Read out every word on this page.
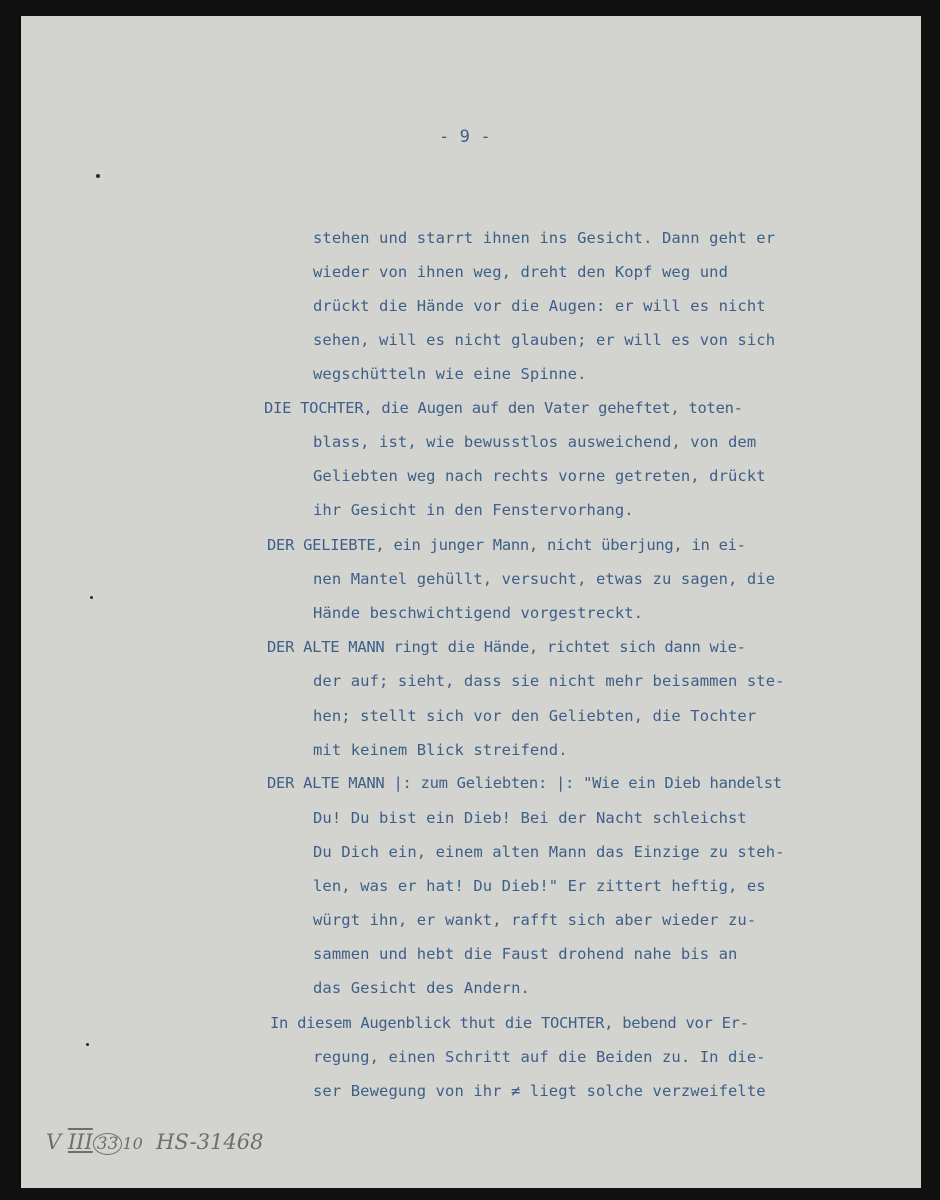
- 9 -
stehen und starrt ihnen ins Gesicht. Dann geht er
wieder von ihnen weg, dreht den Kopf weg und
drückt die Hände vor die Augen: er will es nicht
sehen, will es nicht glauben; er will es von sich
wegschütteln wie eine Spinne.
DIE TOCHTER, die Augen auf den Vater geheftet, toten-
blass, ist, wie bewusstlos ausweichend, von dem
Geliebten weg nach rechts vorne getreten, drückt
ihr Gesicht in den Fenstervorhang.
DER GELIEBTE, ein junger Mann, nicht überjung, in ei-
nen Mantel gehüllt, versucht, etwas zu sagen, die
Hände beschwichtigend vorgestreckt.
DER ALTE MANN ringt die Hände, richtet sich dann wie-
der auf; sieht, dass sie nicht mehr beisammen ste-
hen; stellt sich vor den Geliebten, die Tochter
mit keinem Blick streifend.
DER ALTE MANN |: zum Geliebten: |: "Wie ein Dieb handelst
Du! Du bist ein Dieb! Bei der Nacht schleichst
Du Dich ein, einem alten Mann das Einzige zu steh-
len, was er hat! Du Dieb!" Er zittert heftig, es
würgt ihn, er wankt, rafft sich aber wieder zu-
sammen und hebt die Faust drohend nahe bis an
das Gesicht des Andern.
In diesem Augenblick thut die TOCHTER, bebend vor Er-
regung, einen Schritt auf die Beiden zu. In die-
ser Bewegung von ihr ≠ liegt solche verzweifelte
V III 33 10 HS-31468
